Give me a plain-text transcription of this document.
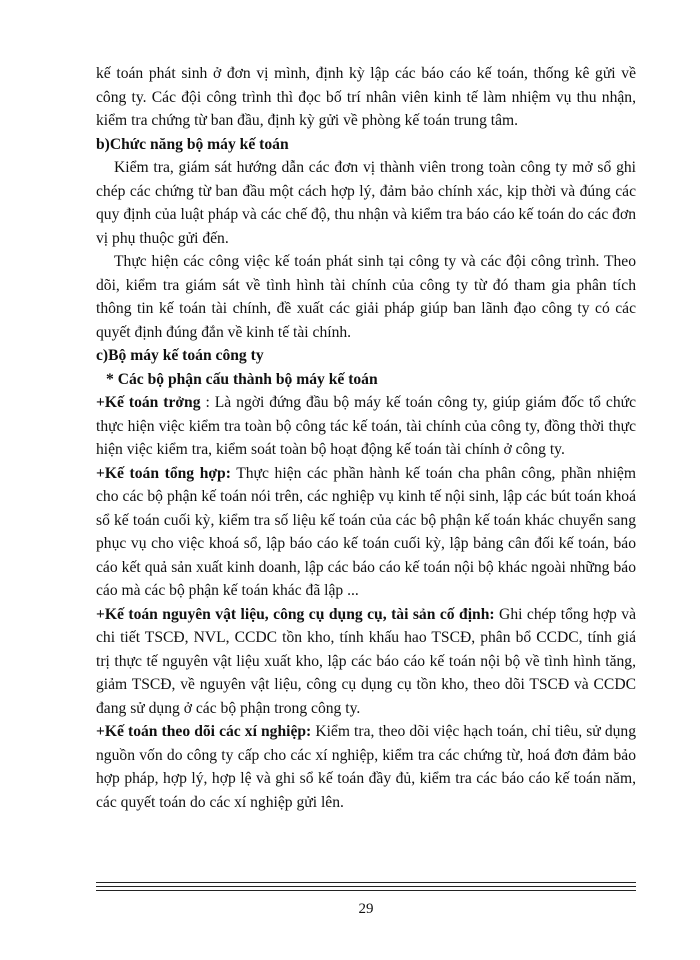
kế toán phát sinh ở đơn vị mình, định kỳ lập các báo cáo kế toán, thống kê gửi về công ty. Các đội công trình thì đọc bố trí nhân viên kinh tế làm nhiệm vụ thu nhận, kiểm tra chứng từ ban đầu, định kỳ gửi về phòng kế toán trung tâm.

b)Chức năng bộ máy kế toán

Kiểm tra, giám sát hướng dẫn các đơn vị thành viên trong toàn công ty mở sổ ghi chép các chứng từ ban đầu một cách hợp lý, đảm bảo chính xác, kịp thời và đúng các quy định của luật pháp và các chế độ, thu nhận và kiểm tra báo cáo kế toán do các đơn vị phụ thuộc gửi đến.

Thực hiện các công việc kế toán phát sinh tại công ty và các đội công trình. Theo dõi, kiểm tra giám sát về tình hình tài chính của công ty từ đó tham gia phân tích thông tin kế toán tài chính, đề xuất các giải pháp giúp ban lãnh đạo công ty có các quyết định đúng đắn về kinh tế tài chính.

c)Bộ máy kế toán công ty

* Các bộ phận cấu thành bộ máy kế toán

+Kế toán trởng : Là ngời đứng đầu bộ máy kế toán công ty, giúp giám đốc tổ chức thực hiện việc kiểm tra toàn bộ công tác kế toán, tài chính của công ty, đồng thời thực hiện việc kiểm tra, kiểm soát toàn bộ hoạt động kế toán tài chính ở công ty.

+Kế toán tổng hợp: Thực hiện các phần hành kế toán cha phân công, phần nhiệm cho các bộ phận kế toán nói trên, các nghiệp vụ kinh tế nội sinh, lập các bút toán khoá sổ kế toán cuối kỳ, kiểm tra số liệu kế toán của các bộ phận kế toán khác chuyển sang phục vụ cho việc khoá sổ, lập báo cáo kế toán cuối kỳ, lập bảng cân đối kế toán, báo cáo kết quả sản xuất kinh doanh, lập các báo cáo kế toán nội bộ khác ngoài những báo cáo mà các bộ phận kế toán khác đã lập ...

+Kế toán nguyên vật liệu, công cụ dụng cụ, tài sản cố định: Ghi chép tổng hợp và chi tiết TSCĐ, NVL, CCDC tồn kho, tính khấu hao TSCĐ, phân bổ CCDC, tính giá trị thực tế nguyên vật liệu xuất kho, lập các báo cáo kế toán nội bộ về tình hình tăng, giảm TSCĐ, về nguyên vật liệu, công cụ dụng cụ tồn kho, theo dõi TSCĐ và CCDC đang sử dụng ở các bộ phận trong công ty.

+Kế toán theo dõi các xí nghiệp: Kiểm tra, theo dõi việc hạch toán, chỉ tiêu, sử dụng nguồn vốn do công ty cấp cho các xí nghiệp, kiểm tra các chứng từ, hoá đơn đảm bảo hợp pháp, hợp lý, hợp lệ và ghi sổ kế toán đầy đủ, kiểm tra các báo cáo kế toán năm, các quyết toán do các xí nghiệp gửi lên.

29
